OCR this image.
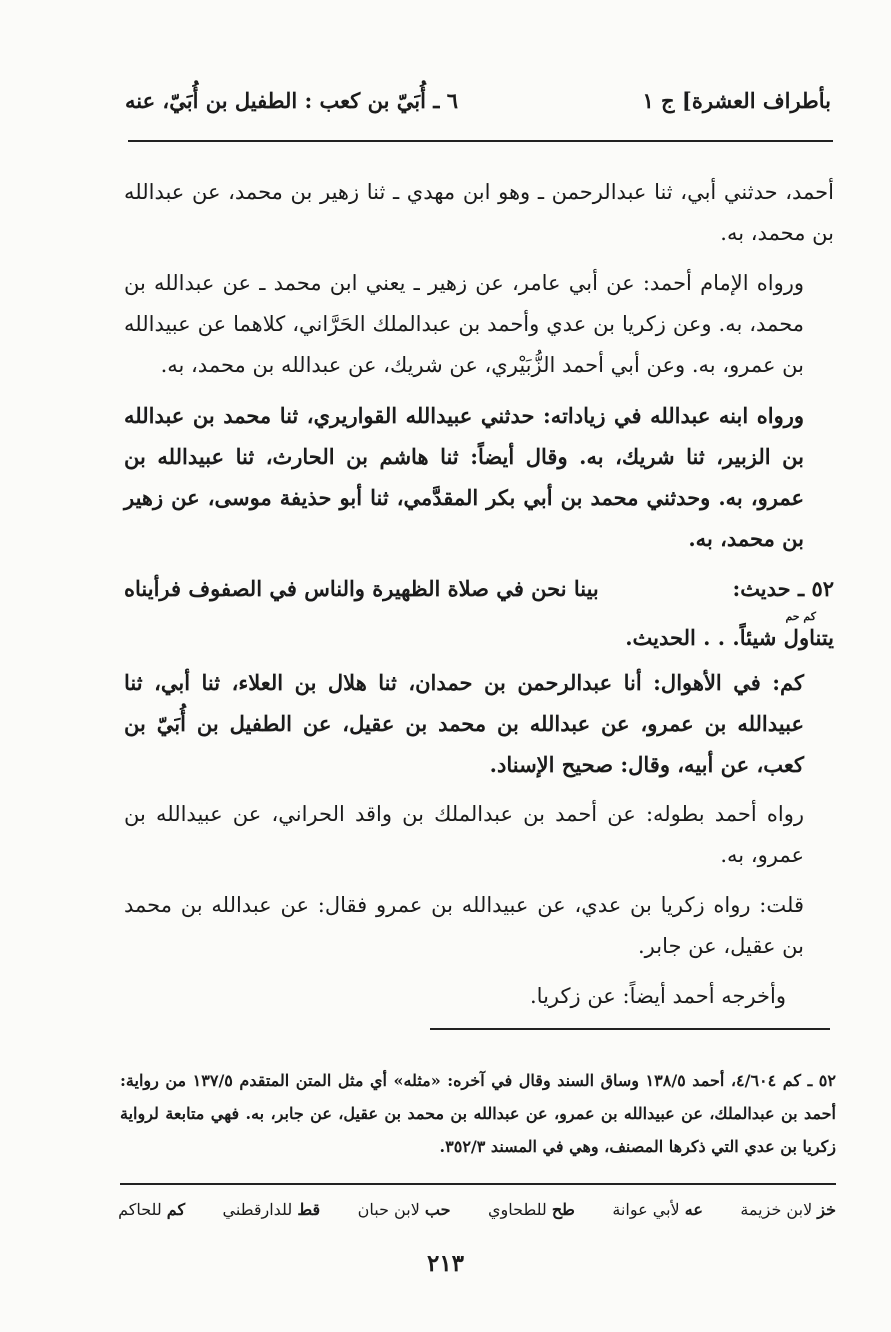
بأطراف العشرة] ج ١
٦ ـ أُبَيّ بن كعب : الطفيل بن أُبَيّ، عنه

أحمد، حدثني أبي، ثنا عبدالرحمن ـ وهو ابن مهدي ـ ثنا زهير بن محمد، عن عبدالله بن محمد، به.

ورواه الإمام أحمد: عن أبي عامر، عن زهير ـ يعني ابن محمد ـ عن عبدالله بن محمد، به. وعن زكريا بن عدي وأحمد بن عبدالملك الحَرَّاني، كلاهما عن عبيدالله بن عمرو، به. وعن أبي أحمد الزُّبَيْري، عن شريك، عن عبدالله بن محمد، به.

ورواه ابنه عبدالله في زياداته: حدثني عبيدالله القواريري، ثنا محمد بن عبدالله بن الزبير، ثنا شريك، به. وقال أيضاً: ثنا هاشم بن الحارث، ثنا عبيدالله بن عمرو، به. وحدثني محمد بن أبي بكر المقدَّمي، ثنا أبو حذيفة موسى، عن زهير بن محمد، به.

٥٢ ـ حديث:
بينا نحن في صلاة الظهيرة والناس في الصفوف فرأيناه

كم حم
يتناول شيئاً. . . الحديث.

كم: في الأهوال: أنا عبدالرحمن بن حمدان، ثنا هلال بن العلاء، ثنا أبي، ثنا عبيدالله بن عمرو، عن عبدالله بن محمد بن عقيل، عن الطفيل بن أُبَيّ بن كعب، عن أبيه، وقال: صحيح الإسناد.

رواه أحمد بطوله: عن أحمد بن عبدالملك بن واقد الحراني، عن عبيدالله بن عمرو، به.

قلت: رواه زكريا بن عدي، عن عبيدالله بن عمرو فقال: عن عبدالله بن محمد بن عقيل، عن جابر.

وأخرجه أحمد أيضاً: عن زكريا.

٥٢ ـ كم ٤/٦٠٤، أحمد ١٣٨/٥ وساق السند وقال في آخره: «مثله» أي مثل المتن المتقدم ١٣٧/٥ من رواية: أحمد بن عبدالملك، عن عبيدالله بن عمرو، عن عبدالله بن محمد بن عقيل، عن جابر، به. فهي متابعة لرواية زكريا بن عدي التي ذكرها المصنف، وهي في المسند ٣٥٢/٣.

خز لابن خزيمة
عه لأبي عوانة
طح للطحاوي
حب لابن حبان
قط للدارقطني
كم للحاكم
٢١٣
